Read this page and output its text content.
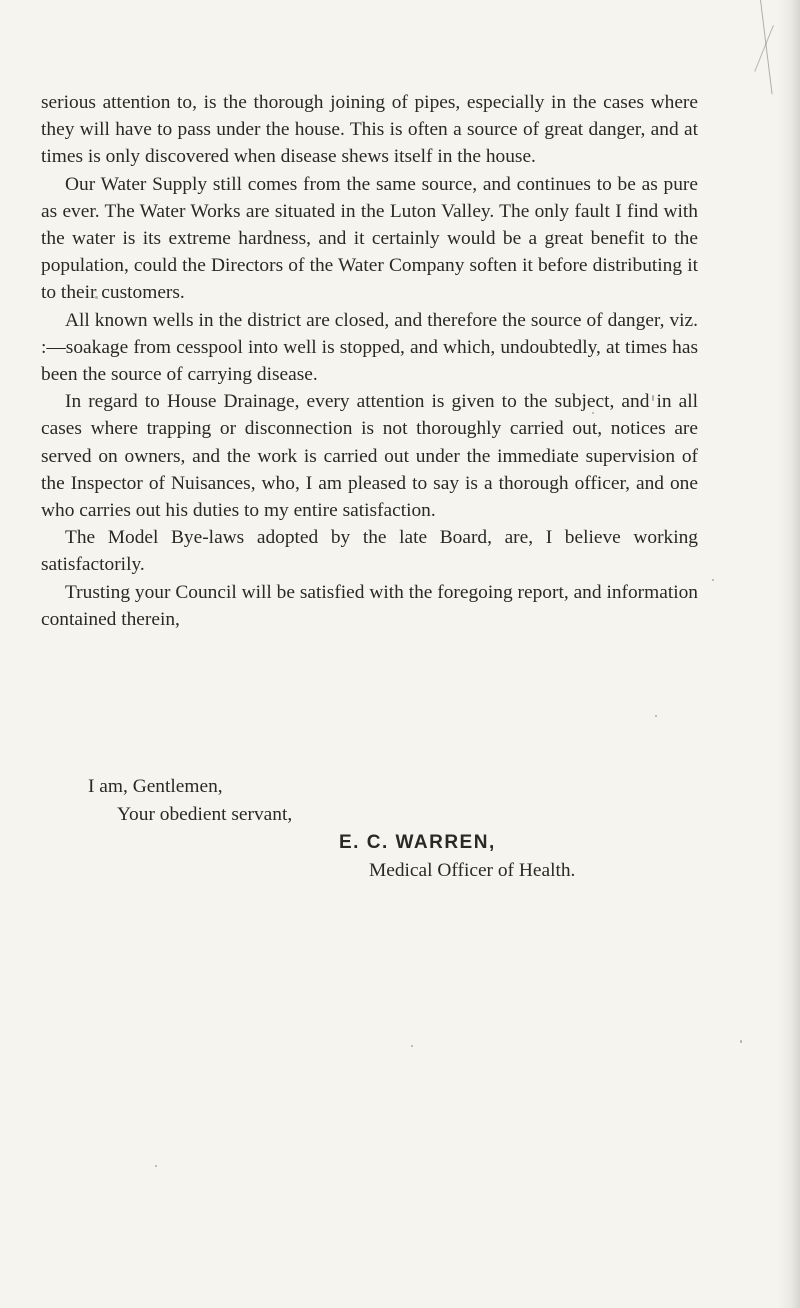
serious attention to, is the thorough joining of pipes, especially in the cases where they will have to pass under the house. This is often a source of great danger, and at times is only discovered when disease shews itself in the house.

Our Water Supply still comes from the same source, and continues to be as pure as ever. The Water Works are situated in the Luton Valley. The only fault I find with the water is its extreme hardness, and it certainly would be a great benefit to the population, could the Directors of the Water Company soften it before distributing it to their customers.

All known wells in the district are closed, and therefore the source of danger, viz. :—soakage from cesspool into well is stopped, and which, undoubtedly, at times has been the source of carrying disease.

In regard to House Drainage, every attention is given to the subject, and in all cases where trapping or disconnection is not thoroughly carried out, notices are served on owners, and the work is carried out under the immediate supervision of the Inspector of Nuisances, who, I am pleased to say is a thorough officer, and one who carries out his duties to my entire satisfaction.

The Model Bye-laws adopted by the late Board, are, I believe working satisfactorily.

Trusting your Council will be satisfied with the foregoing report, and information contained therein,

I am, Gentlemen,
Your obedient servant,
E. C. WARREN,
Medical Officer of Health.
